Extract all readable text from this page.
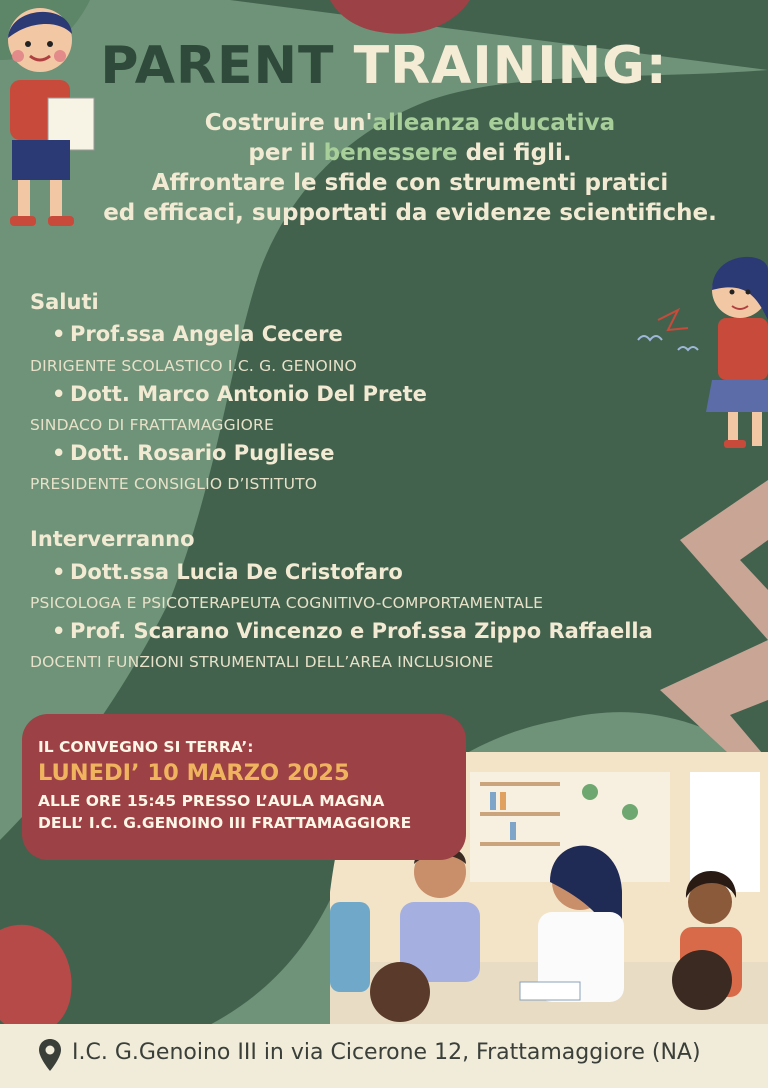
PARENT TRAINING:
Costruire un'alleanza educativa
per il benessere dei figli.
Affrontare le sfide con strumenti pratici
ed efficaci, supportati da evidenze scientifiche.
Saluti
• Prof.ssa Angela Cecere
DIRIGENTE SCOLASTICO I.C. G. GENOINO
• Dott. Marco Antonio Del Prete
SINDACO DI FRATTAMAGGIORE
• Dott. Rosario Pugliese
PRESIDENTE CONSIGLIO D’ISTITUTO
Interverranno
• Dott.ssa Lucia De Cristofaro
PSICOLOGA E PSICOTERAPEUTA COGNITIVO-COMPORTAMENTALE
• Prof. Scarano Vincenzo e Prof.ssa Zippo Raffaella
DOCENTI FUNZIONI STRUMENTALI DELL’AREA INCLUSIONE
IL CONVEGNO SI TERRA’:
LUNEDI’ 10 MARZO 2025
ALLE ORE 15:45 PRESSO L’AULA MAGNA
DELL’ I.C. G.GENOINO III FRATTAMAGGIORE
I.C. G.Genoino III in via Cicerone 12, Frattamaggiore (NA)
